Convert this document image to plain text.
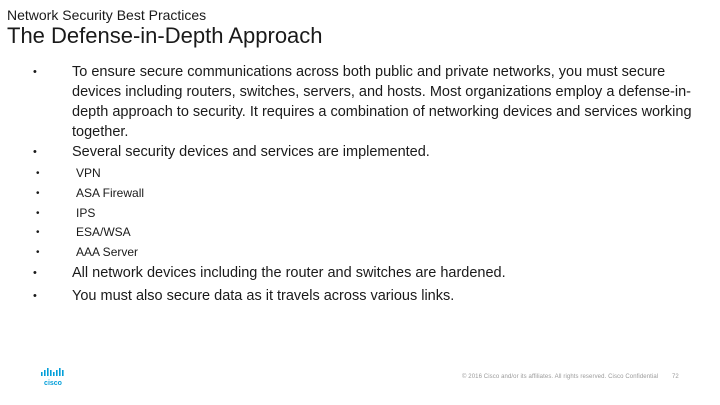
Network Security Best Practices
The Defense-in-Depth Approach
• To ensure secure communications across both public and private networks, you must secure devices including routers, switches, servers, and hosts. Most organizations employ a defense-in-depth approach to security. It requires a combination of networking devices and services working together.
• Several security devices and services are implemented.
•	VPN
•	ASA Firewall
•	IPS
•	ESA/WSA
•	AAA Server
• All network devices including the router and switches are hardened.
• You must also secure data as it travels across various links.
cisco
© 2016 Cisco and/or its affiliates. All rights reserved. Cisco Confidential 72
